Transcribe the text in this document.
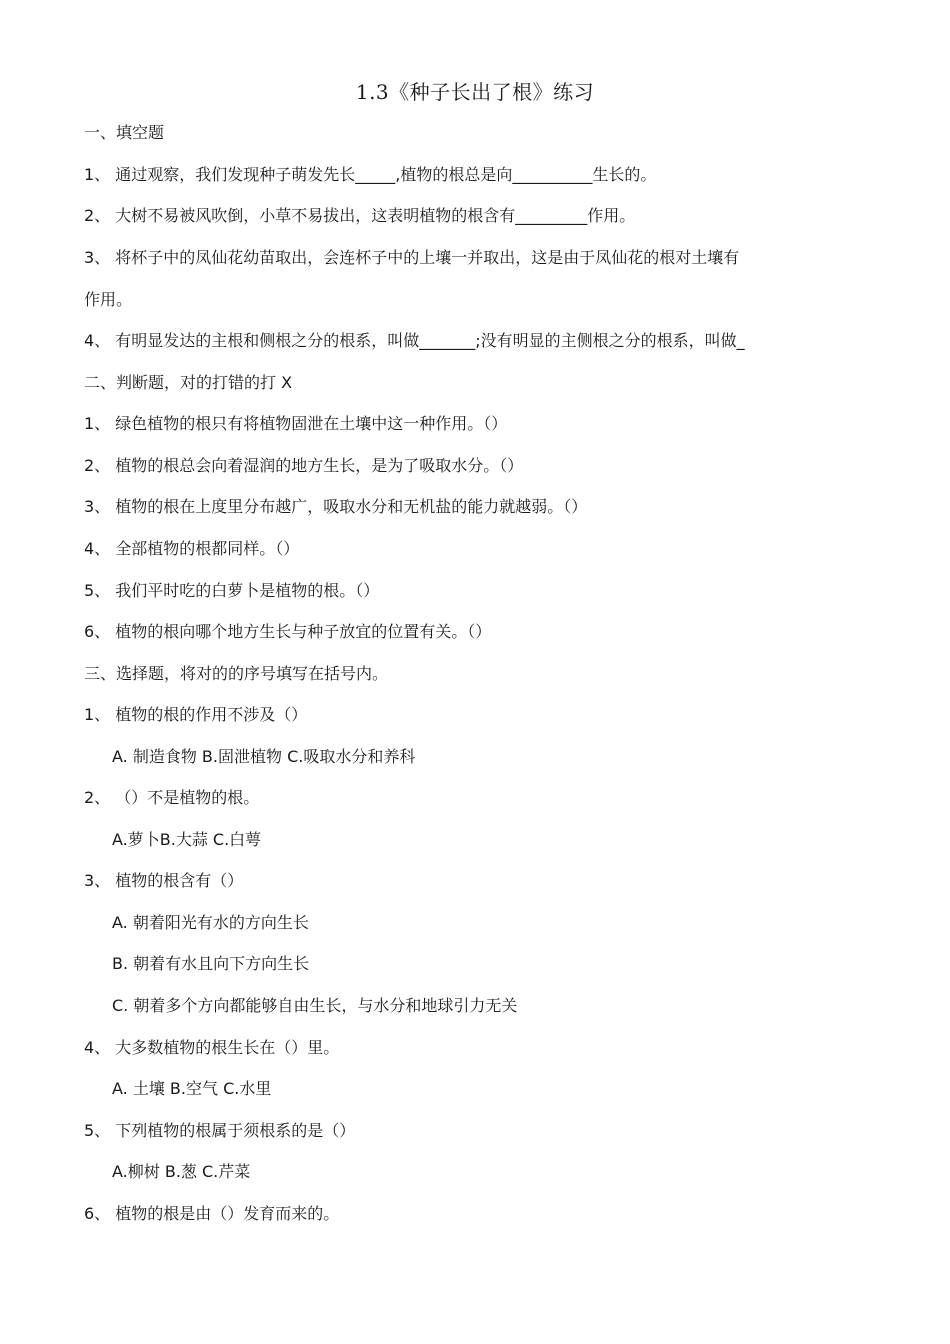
1.3《种子长出了根》练习
一、填空题
1、 通过观察，我们发现种子萌发先长_____,植物的根总是向__________生长的。
2、 大树不易被风吹倒，小草不易拔出，这表明植物的根含有_________作用。
3、 将杯子中的凤仙花幼苗取出，会连杯子中的上壤一并取出，这是由于凤仙花的根对土壤有
作用。
4、 有明显发达的主根和侧根之分的根系，叫做_______;没有明显的主侧根之分的根系，叫做_
二、判断题，对的打错的打 X
1、 绿色植物的根只有将植物固泄在土壤中这一种作用。（）
2、 植物的根总会向着湿润的地方生长，是为了吸取水分。（）
3、 植物的根在上度里分布越广，吸取水分和无机盐的能力就越弱。（）
4、 全部植物的根都同样。（）
5、 我们平时吃的白萝卜是植物的根。（）
6、 植物的根向哪个地方生长与种子放宜的位置有关。（）
三、选择题，将对的的序号填写在括号内。
1、 植物的根的作用不涉及（）
A. 制造食物 B.固泄植物 C.吸取水分和养科
2、 （）不是植物的根。
A.萝卜B.大蒜 C.白萼
3、 植物的根含有（）
A. 朝着阳光有水的方向生长
B. 朝着有水且向下方向生长
C. 朝着多个方向都能够自由生长，与水分和地球引力无关
4、 大多数植物的根生长在（）里。
A. 土壤 B.空气 C.水里
5、 下列植物的根属于须根系的是（）
A.柳树 B.葱 C.芹菜
6、 植物的根是由（）发育而来的。
